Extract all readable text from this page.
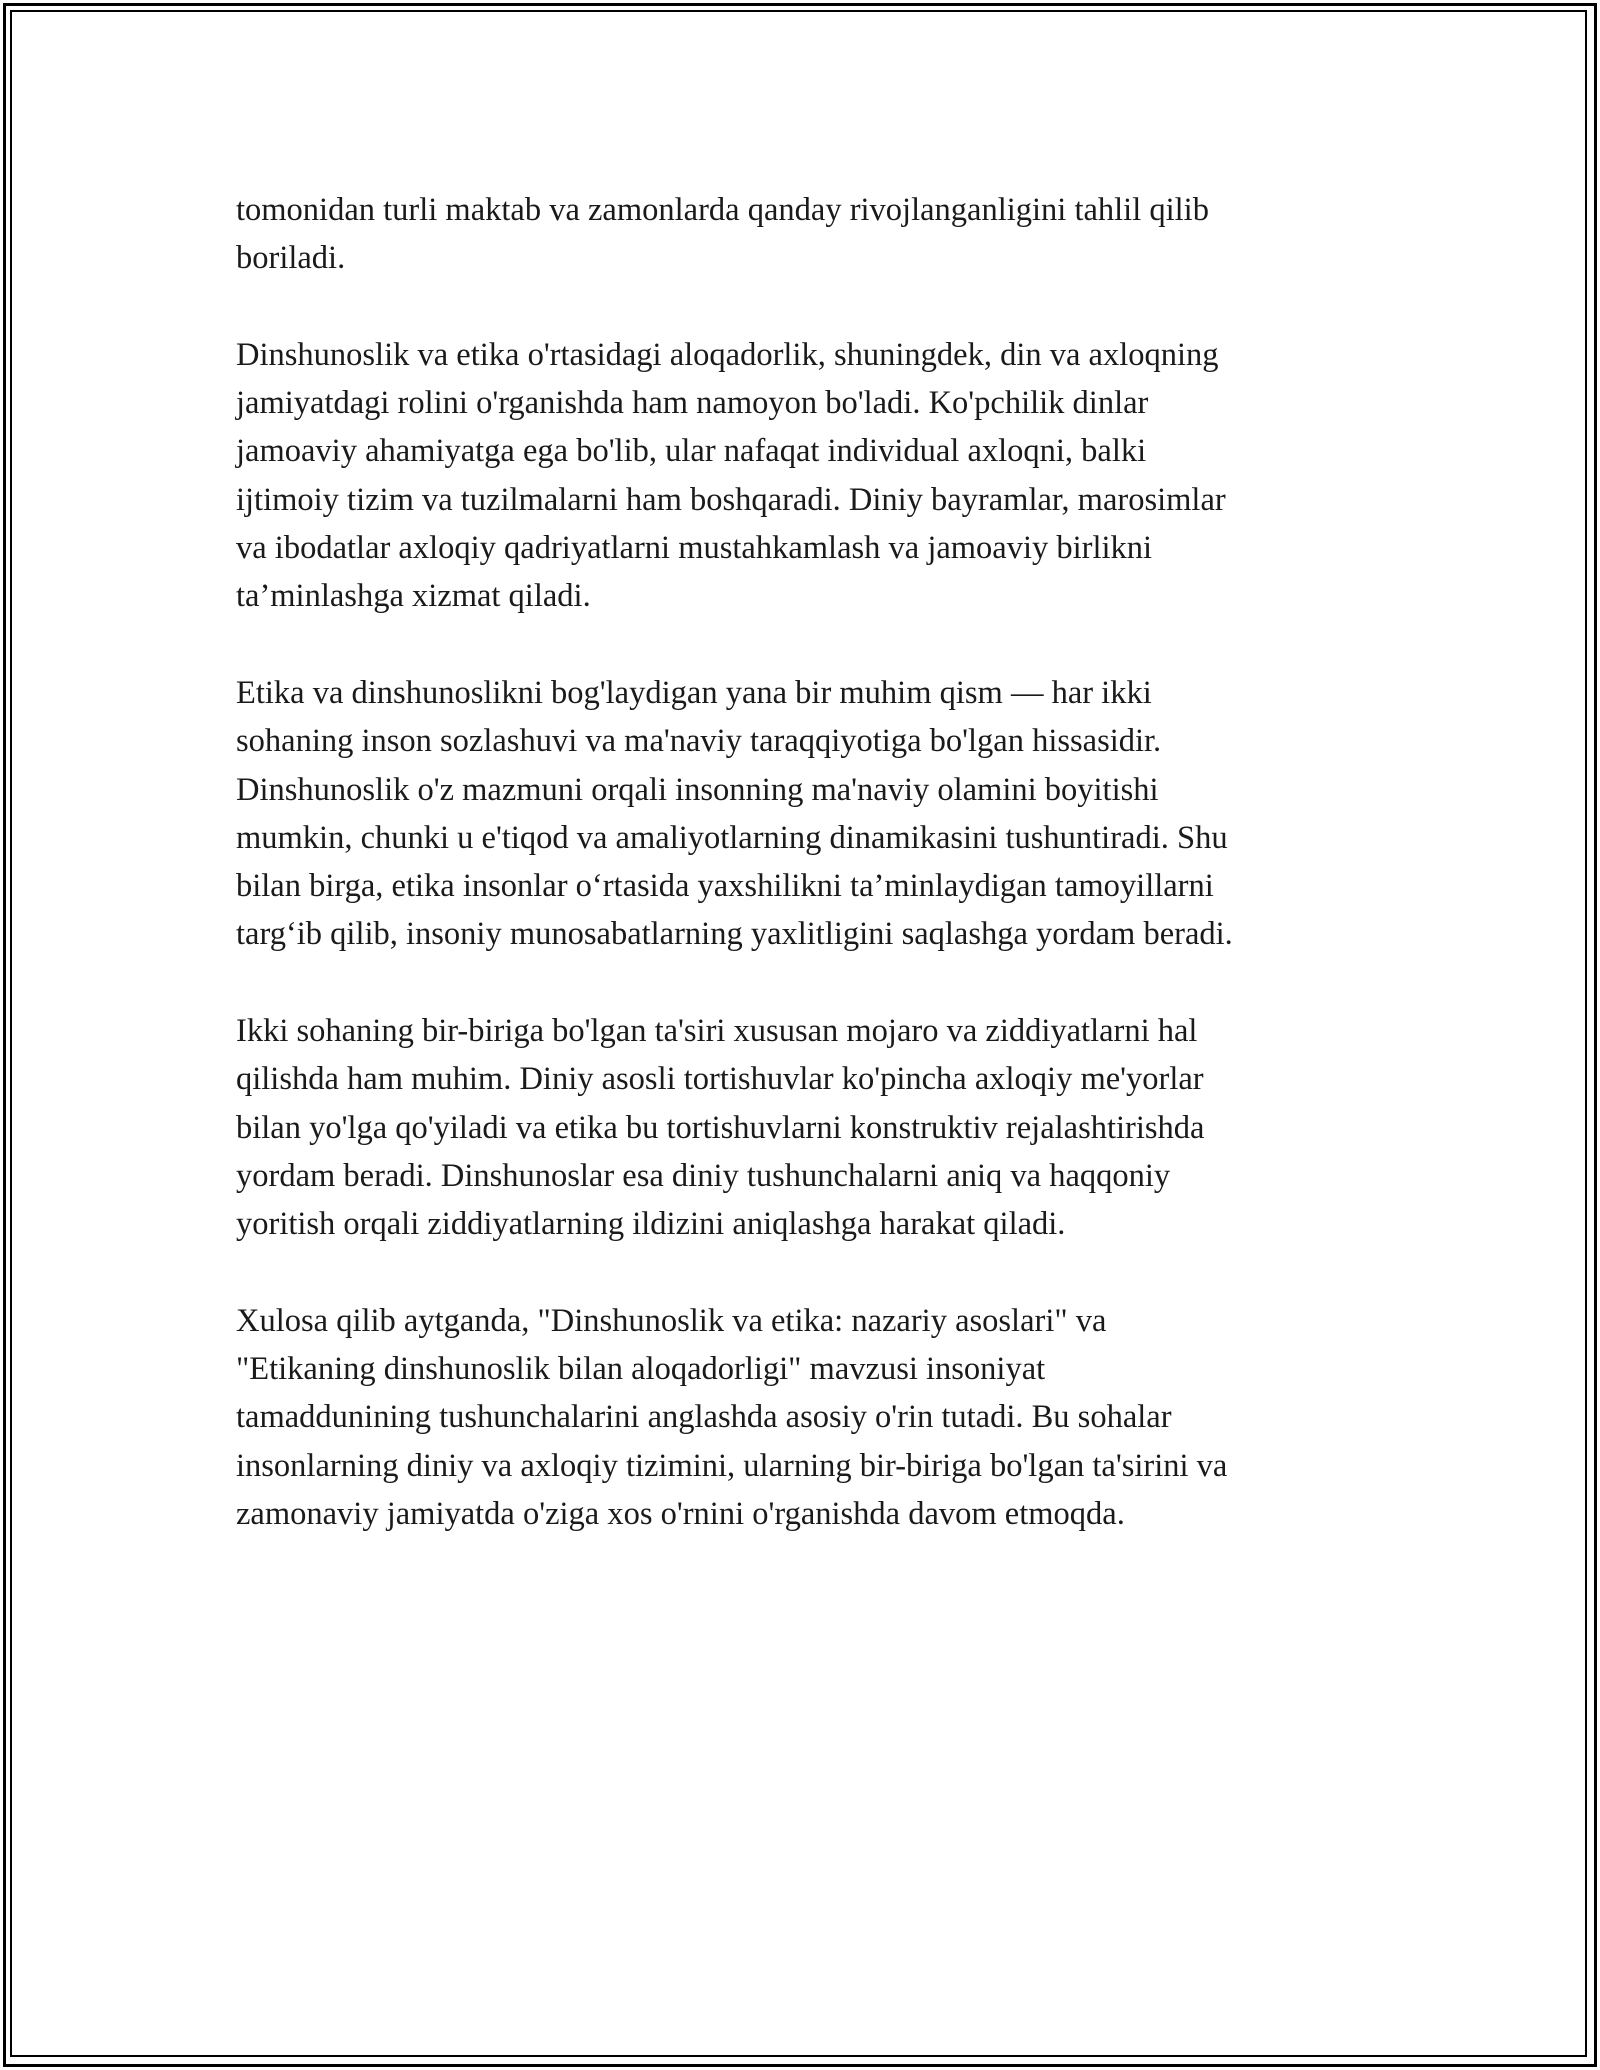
tomonidan turli maktab va zamonlarda qanday rivojlanganligini tahlil qilib
boriladi.

Dinshunoslik va etika o'rtasidagi aloqadorlik, shuningdek, din va axloqning
jamiyatdagi rolini o'rganishda ham namoyon bo'ladi. Ko'pchilik dinlar
jamoaviy ahamiyatga ega bo'lib, ular nafaqat individual axloqni, balki
ijtimoiy tizim va tuzilmalarni ham boshqaradi. Diniy bayramlar, marosimlar
va ibodatlar axloqiy qadriyatlarni mustahkamlash va jamoaviy birlikni
ta’minlashga xizmat qiladi.

Etika va dinshunoslikni bog'laydigan yana bir muhim qism — har ikki
sohaning inson sozlashuvi va ma'naviy taraqqiyotiga bo'lgan hissasidir.
Dinshunoslik o'z mazmuni orqali insonning ma'naviy olamini boyitishi
mumkin, chunki u e'tiqod va amaliyotlarning dinamikasini tushuntiradi. Shu
bilan birga, etika insonlar o‘rtasida yaxshilikni ta’minlaydigan tamoyillarni
targ‘ib qilib, insoniy munosabatlarning yaxlitligini saqlashga yordam beradi.

Ikki sohaning bir-biriga bo'lgan ta'siri xususan mojaro va ziddiyatlarni hal
qilishda ham muhim. Diniy asosli tortishuvlar ko'pincha axloqiy me'yorlar
bilan yo'lga qo'yiladi va etika bu tortishuvlarni konstruktiv rejalashtirishda
yordam beradi. Dinshunoslar esa diniy tushunchalarni aniq va haqqoniy
yoritish orqali ziddiyatlarning ildizini aniqlashga harakat qiladi.

Xulosa qilib aytganda, "Dinshunoslik va etika: nazariy asoslari" va
"Etikaning dinshunoslik bilan aloqadorligi" mavzusi insoniyat
tamaddunining tushunchalarini anglashda asosiy o'rin tutadi. Bu sohalar
insonlarning diniy va axloqiy tizimini, ularning bir-biriga bo'lgan ta'sirini va
zamonaviy jamiyatda o'ziga xos o'rnini o'rganishda davom etmoqda.
